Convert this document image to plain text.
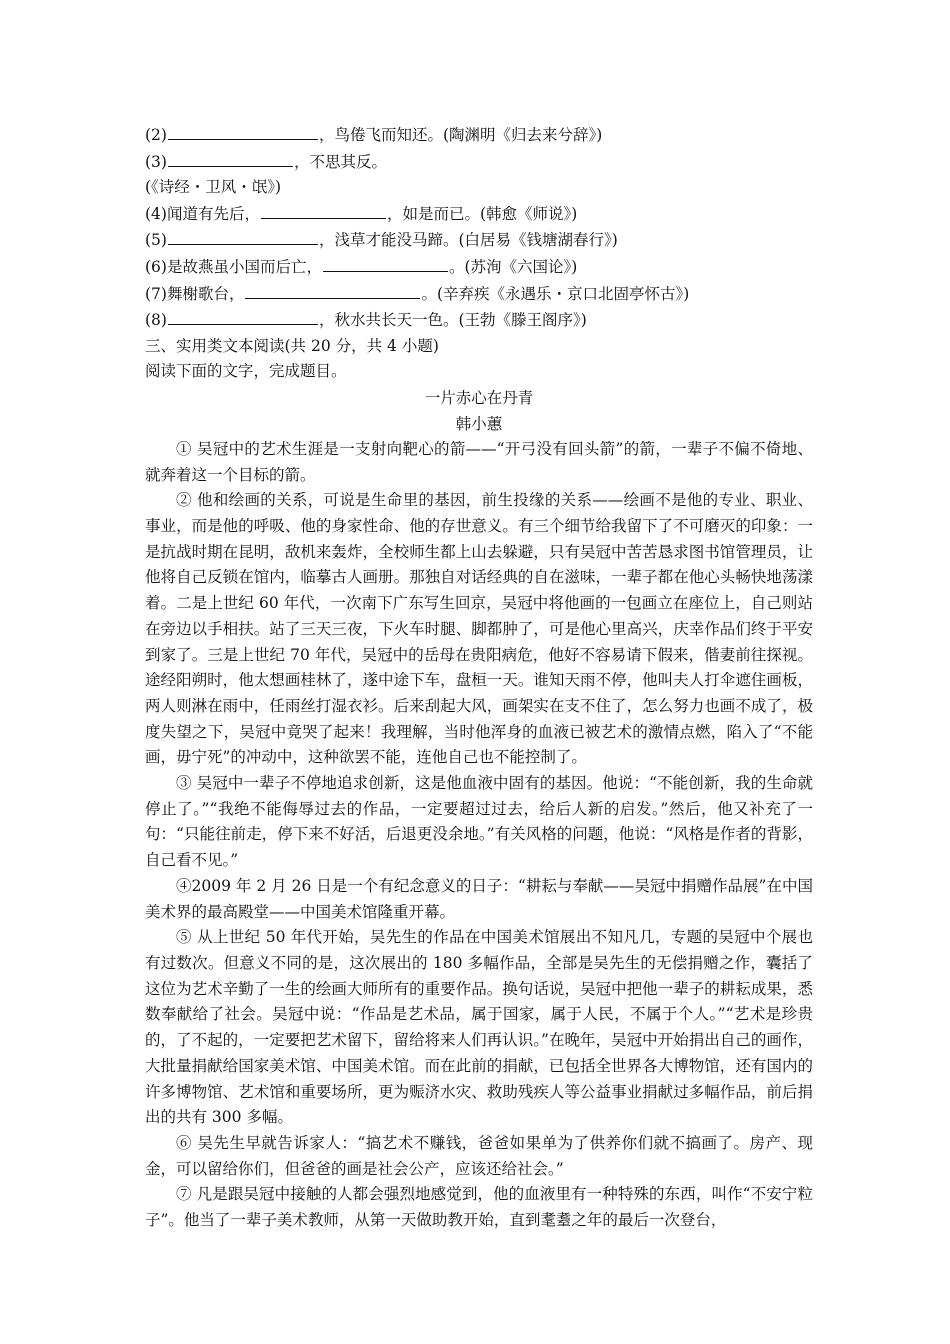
(2)	，鸟倦飞而知还。(陶渊明《归去来兮辞》)
(3)	，不思其反。
(《诗经・卫风・氓》)
(4)闻道有先后，	，如是而已。(韩愈《师说》)
(5)	，浅草才能没马蹄。(白居易《钱塘湖春行》)
(6)是故燕虽小国而后亡，	。(苏洵《六国论》)
(7)舞榭歌台，	。(辛弃疾《永遇乐・京口北固亭怀古》)
(8)	，秋水共长天一色。(王勃《滕王阁序》)
三、实用类文本阅读(共 20 分，共 4 小题)
阅读下面的文字，完成题目。
一片赤心在丹青
韩小蕙

① 吴冠中的艺术生涯是一支射向靶心的箭——“开弓没有回头箭”的箭，一辈子不偏不倚地、就奔着这一个目标的箭。

② 他和绘画的关系，可说是生命里的基因，前生投缘的关系——绘画不是他的专业、职业、事业，而是他的呼吸、他的身家性命、他的存世意义。有三个细节给我留下了不可磨灭的印象：一是抗战时期在昆明，敌机来轰炸，全校师生都上山去躲避，只有吴冠中苦苦恳求图书馆管理员，让他将自己反锁在馆内，临摹古人画册。那独自对话经典的自在滋味，一辈子都在他心头畅快地荡漾着。二是上世纪 60 年代，一次南下广东写生回京，吴冠中将他画的一包画立在座位上，自己则站在旁边以手相扶。站了三天三夜，下火车时腿、脚都肿了，可是他心里高兴，庆幸作品们终于平安到家了。三是上世纪 70 年代，吴冠中的岳母在贵阳病危，他好不容易请下假来，偕妻前往探视。途经阳朔时，他太想画桂林了，遂中途下车，盘桓一天。谁知天雨不停，他叫夫人打伞遮住画板，两人则淋在雨中，任雨丝打湿衣衫。后来刮起大风，画架实在支不住了，怎么努力也画不成了，极度失望之下，吴冠中竟哭了起来！我理解，当时他浑身的血液已被艺术的激情点燃，陷入了“不能画，毋宁死”的冲动中，这种欲罢不能，连他自己也不能控制了。

③ 吴冠中一辈子不停地追求创新，这是他血液中固有的基因。他说：“不能创新，我的生命就停止了。”“我绝不能侮辱过去的作品，一定要超过过去，给后人新的启发。”然后，他又补充了一句：“只能往前走，停下来不好活，后退更没余地。”有关风格的问题，他说：“风格是作者的背影，自己看不见。”

④2009 年 2 月 26 日是一个有纪念意义的日子：“耕耘与奉献——吴冠中捐赠作品展”在中国美术界的最高殿堂——中国美术馆隆重开幕。

⑤ 从上世纪 50 年代开始，吴先生的作品在中国美术馆展出不知凡几，专题的吴冠中个展也有过数次。但意义不同的是，这次展出的 180 多幅作品，全部是吴先生的无偿捐赠之作，囊括了这位为艺术辛勤了一生的绘画大师所有的重要作品。换句话说，吴冠中把他一辈子的耕耘成果，悉数奉献给了社会。吴冠中说：“作品是艺术品，属于国家，属于人民，不属于个人。”“艺术是珍贵的，了不起的，一定要把艺术留下，留给将来人们再认识。”在晚年，吴冠中开始捐出自己的画作，大批量捐献给国家美术馆、中国美术馆。而在此前的捐献，已包括全世界各大博物馆，还有国内的许多博物馆、艺术馆和重要场所，更为赈济水灾、救助残疾人等公益事业捐献过多幅作品，前后捐出的共有 300 多幅。

⑥ 吴先生早就告诉家人：“搞艺术不赚钱，爸爸如果单为了供养你们就不搞画了。房产、现金，可以留给你们，但爸爸的画是社会公产，应该还给社会。”

⑦ 凡是跟吴冠中接触的人都会强烈地感觉到，他的血液里有一种特殊的东西，叫作“不安宁粒子”。他当了一辈子美术教师，从第一天做助教开始，直到耄耋之年的最后一次登台，
